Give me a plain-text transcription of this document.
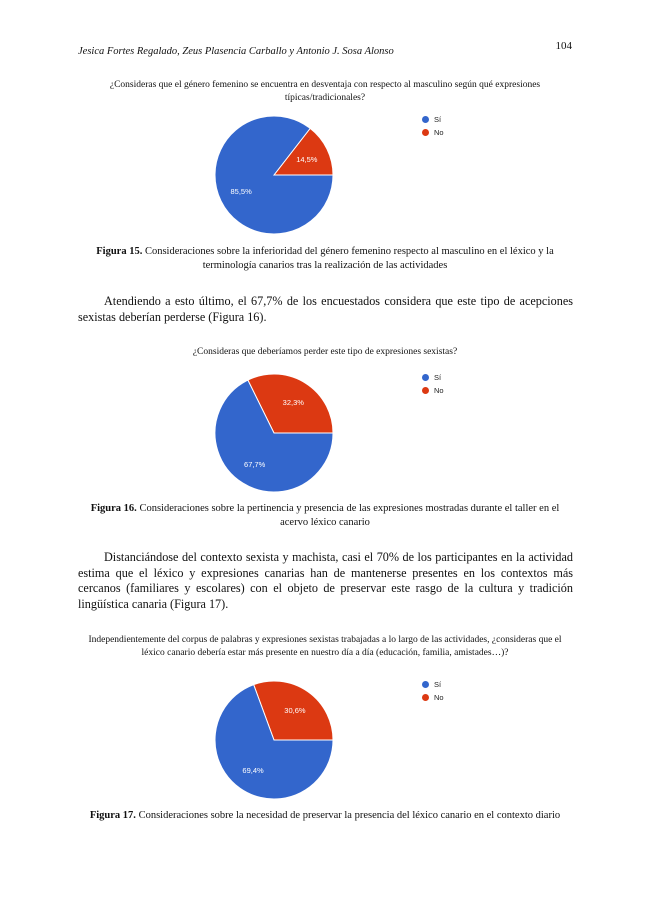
Jesica Fortes Regalado, Zeus Plasencia Carballo y Antonio J. Sosa Alonso	104
¿Consideras que el género femenino se encuentra en desventaja con respecto al masculino según qué expresiones típicas/tradicionales?
14,5%
85,5%
Sí
No
Figura 15. Consideraciones sobre la inferioridad del género femenino respecto al masculino en el léxico y la terminología canarios tras la realización de las actividades
Atendiendo a esto último, el 67,7% de los encuestados considera que este tipo de acepciones sexistas deberían perderse (Figura 16).
¿Consideras que deberíamos perder este tipo de expresiones sexistas?
32,3%
67,7%
Sí
No
Figura 16. Consideraciones sobre la pertinencia y presencia de las expresiones mostradas durante el taller en el acervo léxico canario
Distanciándose del contexto sexista y machista, casi el 70% de los participantes en la actividad estima que el léxico y expresiones canarias han de mantenerse presentes en los contextos más cercanos (familiares y escolares) con el objeto de preservar este rasgo de la cultura y tradición lingüística canaria (Figura 17).
Independientemente del corpus de palabras y expresiones sexistas trabajadas a lo largo de las actividades, ¿consideras que el léxico canario debería estar más presente en nuestro día a día (educación, familia, amistades…)?
30,6%
69,4%
Sí
No
Figura 17. Consideraciones sobre la necesidad de preservar la presencia del léxico canario en el contexto diario
